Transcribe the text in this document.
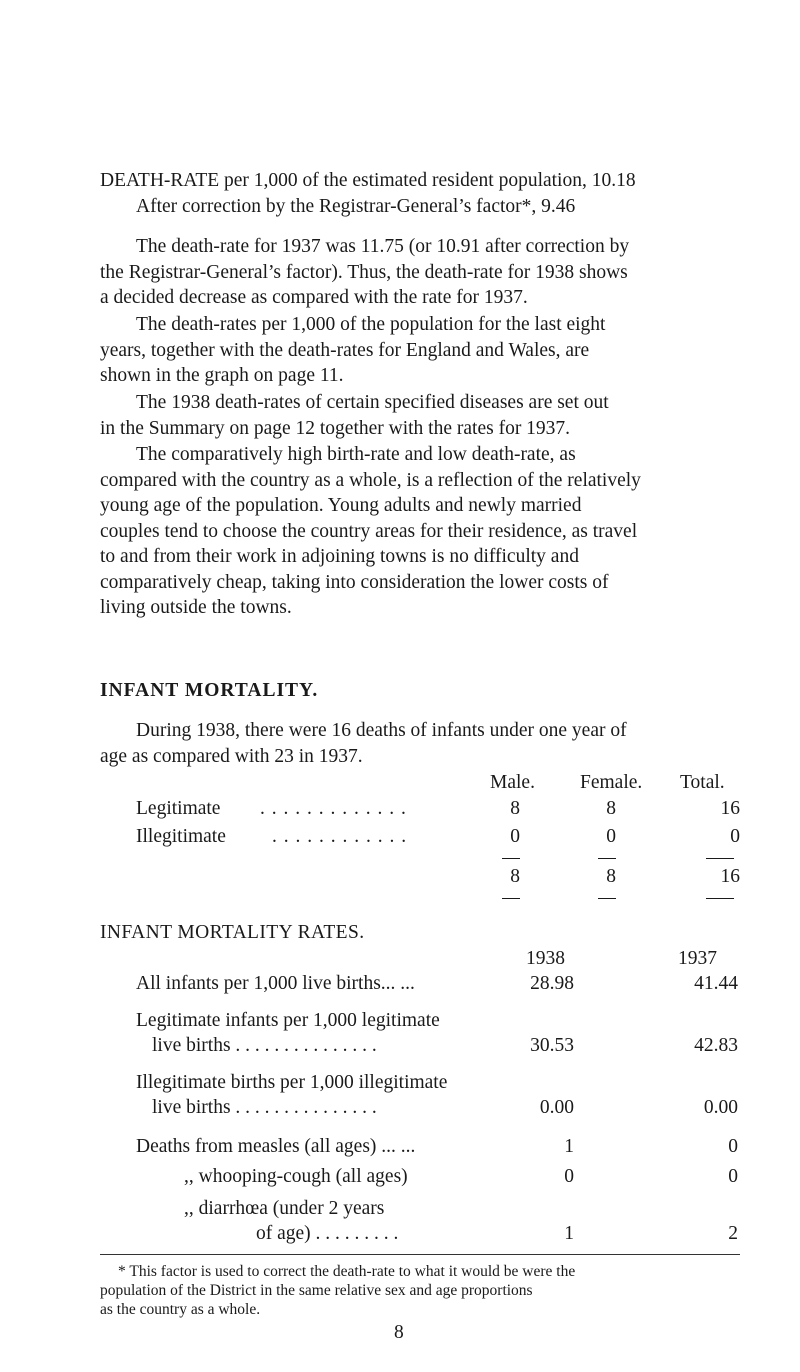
DEATH-RATE per 1,000 of the estimated resident population, 10.18
After correction by the Registrar-General’s factor*, 9.46

The death-rate for 1937 was 11.75 (or 10.91 after correction by
the Registrar-General’s factor). Thus, the death-rate for 1938 shows
a decided decrease as compared with the rate for 1937.

The death-rates per 1,000 of the population for the last eight
years, together with the death-rates for England and Wales, are
shown in the graph on page 11.

The 1938 death-rates of certain specified diseases are set out
in the Summary on page 12 together with the rates for 1937.

The comparatively high birth-rate and low death-rate, as
compared with the country as a whole, is a reflection of the relatively
young age of the population. Young adults and newly married
couples tend to choose the country areas for their residence, as travel
to and from their work in adjoining towns is no difficulty and
comparatively cheap, taking into consideration the lower costs of
living outside the towns.

INFANT MORTALITY.

During 1938, there were 16 deaths of infants under one year of
age as compared with 23 in 1937.

Male. Female. Total.
Legitimate . . . . . . . . . . . . .	8	8	16
Illegitimate . . . . . . . . . . . .	0	0	0
8	8	16
INFANT MORTALITY RATES.
1938	1937
All infants per 1,000 live births... ...	28.98	41.44
Legitimate infants per 1,000 legitimate
live births . . . . . . . . . . . . . . .	30.53	42.83
Illegitimate births per 1,000 illegitimate
live births . . . . . . . . . . . . . . .	0.00	0.00
Deaths from measles (all ages) ... ...	1	0
,, whooping-cough (all ages)	0	0
,, diarrhœa (under 2 years
of age) . . . . . . . . .	1	2
* This factor is used to correct the death-rate to what it would be were the
population of the District in the same relative sex and age proportions
as the country as a whole.
8
